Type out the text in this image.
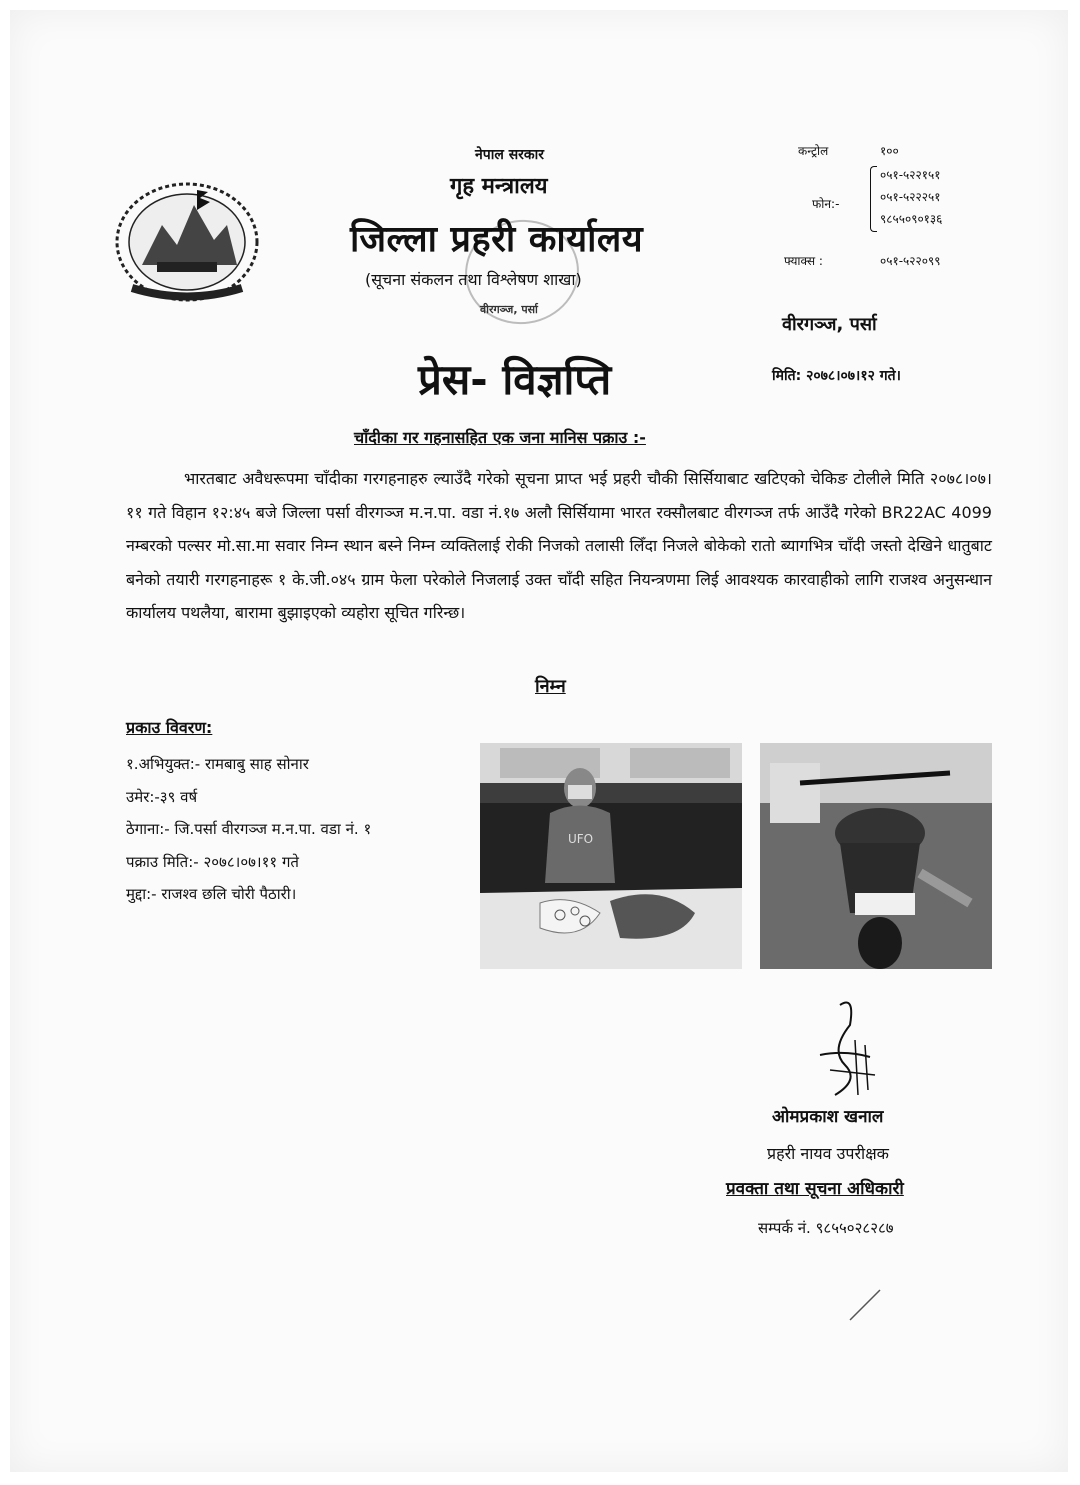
नेपाल सरकार
गृह मन्त्रालय
जिल्ला प्रहरी कार्यालय
(सूचना संकलन तथा विश्लेषण शाखा)
वीरगञ्ज, पर्सा
कन्ट्रोल	१००
फोन:-
०५१-५२२१५१
०५१-५२२२५१
९८५५०९०१३६
फ्याक्स :	०५१-५२२०९९
वीरगञ्ज, पर्सा
प्रेस- विज्ञप्ति	मिति: २०७८।०७।१२ गते।
चाँदीका गर गहनासहित एक जना मानिस पक्राउ :-
भारतबाट अवैधरूपमा चाँदीका गरगहनाहरु ल्याउँदै गरेको सूचना प्राप्त भई प्रहरी चौकी सिर्सियाबाट खटिएको चेकिङ टोलीले मिति २०७८।०७।११ गते विहान १२:४५ बजे जिल्ला पर्सा वीरगञ्ज म.न.पा. वडा नं.१७ अलौ सिर्सियामा भारत रक्सौलबाट वीरगञ्ज तर्फ आउँदै गरेको BR22AC 4099 नम्बरको पल्सर मो.सा.मा सवार निम्न स्थान बस्ने निम्न व्यक्तिलाई रोकी निजको तलासी लिँदा निजले बोकेको रातो ब्यागभित्र चाँदी जस्तो देखिने धातुबाट बनेको तयारी गरगहनाहरू १ के.जी.०४५ ग्राम फेला परेकोले निजलाई उक्त चाँदी सहित नियन्त्रणमा लिई आवश्यक कारवाहीको लागि राजश्व अनुसन्धान कार्यालय पथलैया, बारामा बुझाइएको व्यहोरा सूचित गरिन्छ।
निम्न
प्रकाउ विवरण:
१.अभियुक्त:- रामबाबु साह सोनार
उमेर:-३९ वर्ष
ठेगाना:- जि.पर्सा वीरगञ्ज म.न.पा. वडा नं. १
पक्राउ मिति:- २०७८।०७।११ गते
मुद्दा:- राजश्व छलि चोरी पैठारी।
UFO
ओमप्रकाश खनाल
प्रहरी नायव उपरीक्षक
प्रवक्ता तथा सूचना अधिकारी
सम्पर्क नं. ९८५५०२८२८७
